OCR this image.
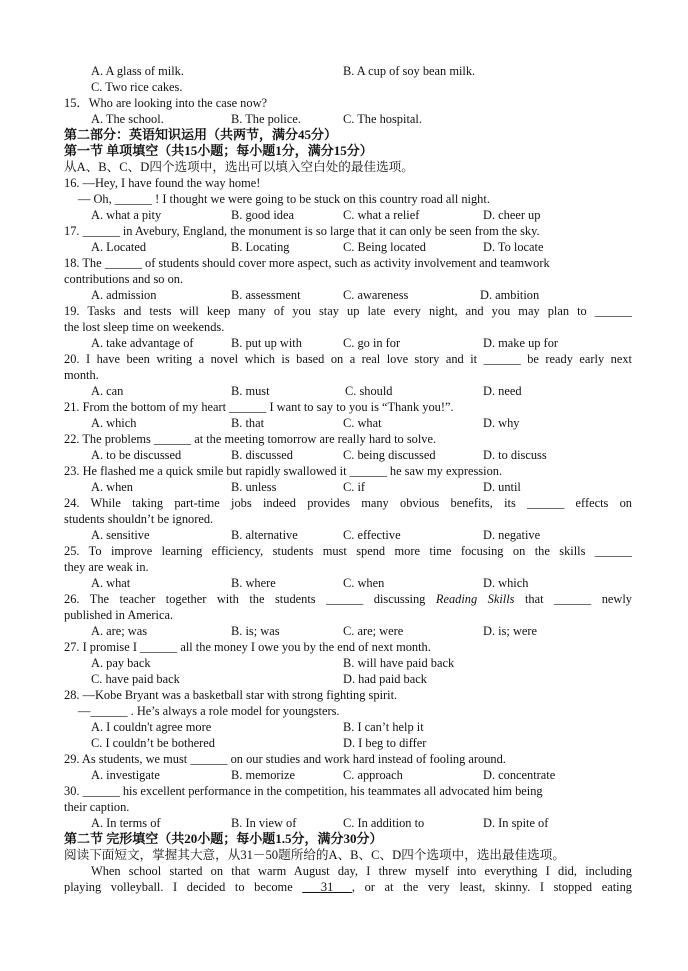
A. A glass of milk.	B. A cup of soy bean milk.
C. Two rice cakes.
15．Who are looking into the case now?
A. The school.	B. The police.	C. The hospital.
第二部分：英语知识运用（共两节，满分45分）
第一节 单项填空（共15小题；每小题1分，满分15分）
从A、B、C、D四个选项中，选出可以填入空白处的最佳选项。
16. —Hey, I have found the way home!
— Oh, ______ ! I thought we were going to be stuck on this country road all night.
A. what a pity	B. good idea	C. what a relief	D. cheer up
17. ______ in Avebury, England, the monument is so large that it can only be seen from the sky.
A. Located	B. Locating	C. Being located	D. To locate
18. The ______ of students should cover more aspect, such as activity involvement and teamwork
contributions and so on.
A. admission	B. assessment	C. awareness	D. ambition
19. Tasks and tests will keep many of you stay up late every night, and you may plan to ______
the lost sleep time on weekends.
A. take advantage of	B. put up with	C. go in for	D. make up for
20. I have been writing a novel which is based on a real love story and it ______ be ready early next
month.
A. can	B. must	C. should	D. need
21. From the bottom of my heart ______ I want to say to you is “Thank you!”.
A. which	B. that	C. what	D. why
22. The problems ______ at the meeting tomorrow are really hard to solve.
A. to be discussed	B. discussed	C. being discussed	D. to discuss
23. He flashed me a quick smile but rapidly swallowed it ______ he saw my expression.
A. when	B. unless	C. if	D. until
24. While taking part-time jobs indeed provides many obvious benefits, its ______ effects on
students shouldn’t be ignored.
A. sensitive	B. alternative	C. effective	D. negative
25. To improve learning efficiency, students must spend more time focusing on the skills ______
they are weak in.
A. what	B. where	C. when	D. which
26. The teacher together with the students ______ discussing Reading Skills that ______ newly
published in America.
A. are; was	B. is; was	C. are; were	D. is; were
27. I promise I ______ all the money I owe you by the end of next month.
A. pay back	B. will have paid back
C. have paid back	D. had paid back
28. —Kobe Bryant was a basketball star with strong fighting spirit.
—______ . He’s always a role model for youngsters.
A. I couldn't agree more	B. I can’t help it
C. I couldn’t be bothered	D. I beg to differ
29. As students, we must ______ on our studies and work hard instead of fooling around.
A. investigate	B. memorize	C. approach	D. concentrate
30. ______ his excellent performance in the competition, his teammates all advocated him being
their caption.
A. In terms of	B. In view of	C. In addition to	D. In spite of
第二节 完形填空（共20小题；每小题1.5分，满分30分）
阅读下面短文，掌握其大意，从31－50题所给的A、B、C、D四个选项中，选出最佳选项。
When school started on that warm August day, I threw myself into everything I did, including
playing volleyball. I decided to become ___31___, or at the very least, skinny. I stopped eating
